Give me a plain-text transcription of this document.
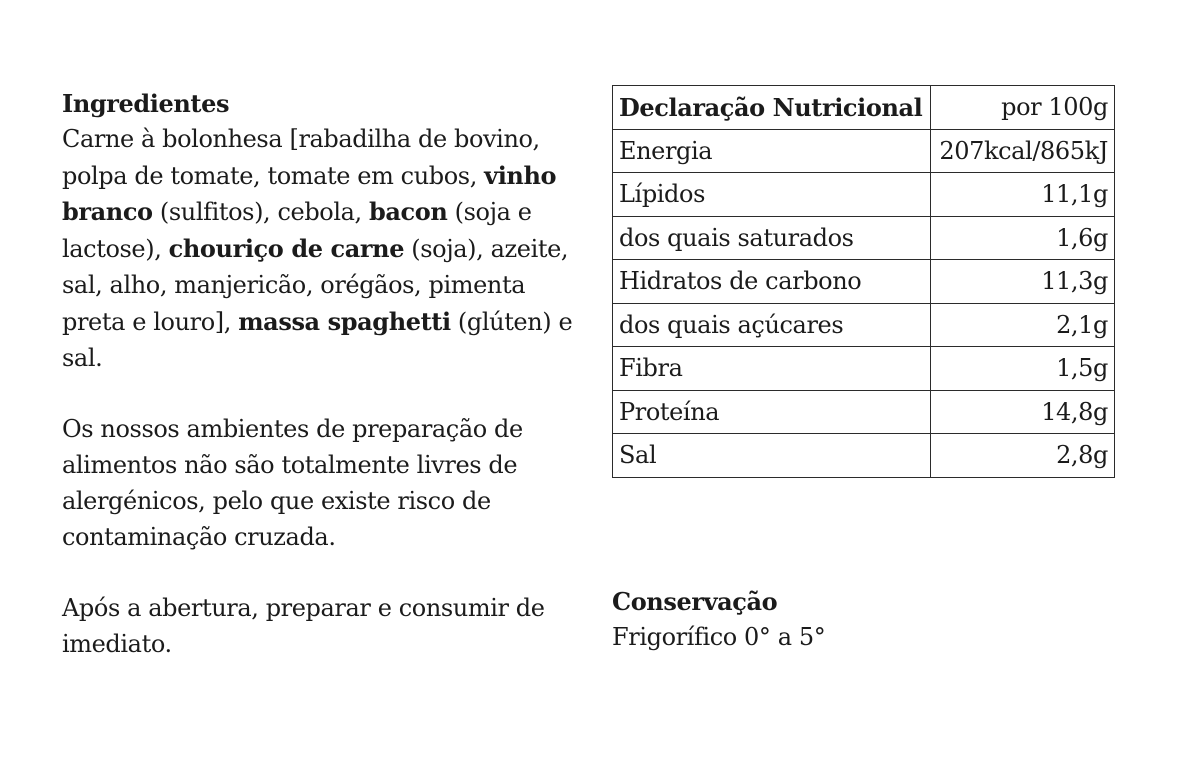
Ingredientes

Carne à bolonhesa [rabadilha de bovino, polpa de tomate, tomate em cubos, vinho branco (sulfitos), cebola, bacon (soja e lactose), chouriço de carne (soja), azeite, sal, alho, manjericão, orégãos, pimenta preta e louro], massa spaghetti (glúten) e sal.

Os nossos ambientes de preparação de alimentos não são totalmente livres de alergénicos, pelo que existe risco de contaminação cruzada.

Após a abertura, preparar e consumir de imediato.

Declaração Nutricional	por 100g
Energia	207kcal/865kJ
Lípidos	11,1g
dos quais saturados	1,6g
Hidratos de carbono	11,3g
dos quais açúcares	2,1g
Fibra	1,5g
Proteína	14,8g
Sal	2,8g

Conservação

Frigorífico 0° a 5°
